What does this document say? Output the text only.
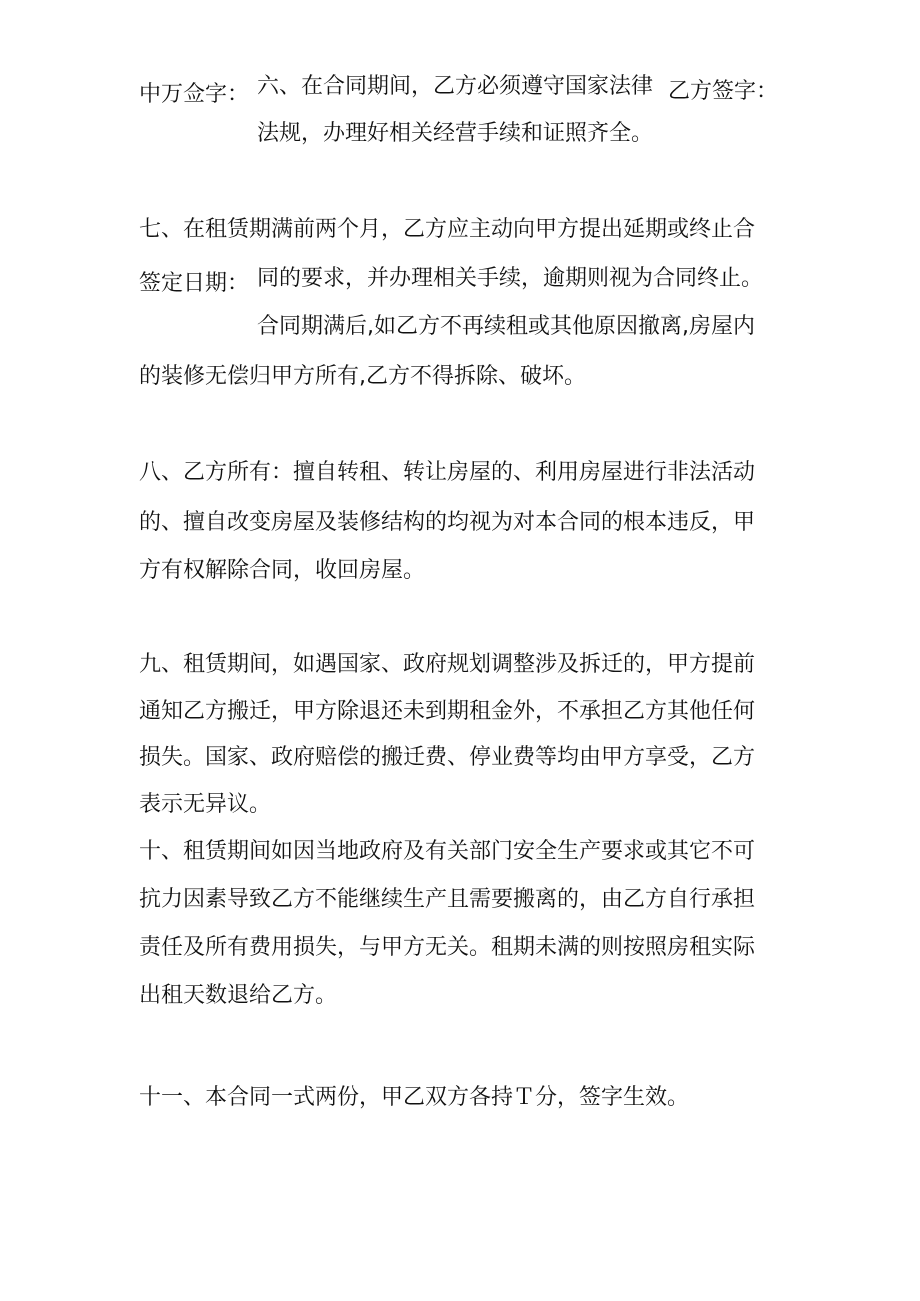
中万佥字：	乙方签字：
签定日期：
六、在合同期间，乙方必须遵守国家法律
法规，办理好相关经营手续和证照齐全。
七、在租赁期满前两个月，乙方应主动向甲方提出延期或终止合
同的要求，并办理相关手续，逾期则视为合同终止。
合同期满后,如乙方不再续租或其他原因撤离,房屋内
的装修无偿归甲方所有,乙方不得拆除、破坏。
八、乙方所有：擅自转租、转让房屋的、利用房屋进行非法活动
的、擅自改变房屋及装修结构的均视为对本合同的根本违反，甲
方有权解除合同，收回房屋。
九、租赁期间，如遇国家、政府规划调整涉及拆迁的，甲方提前
通知乙方搬迁，甲方除退还未到期租金外，不承担乙方其他任何
损失。国家、政府赔偿的搬迁费、停业费等均由甲方享受，乙方
表示无异议。
十、租赁期间如因当地政府及有关部门安全生产要求或其它不可
抗力因素导致乙方不能继续生产且需要搬离的，由乙方自行承担
责任及所有费用损失，与甲方无关。租期未满的则按照房租实际
出租天数退给乙方。
十一、本合同一式两份，甲乙双方各持Ｔ分，签字生效。
